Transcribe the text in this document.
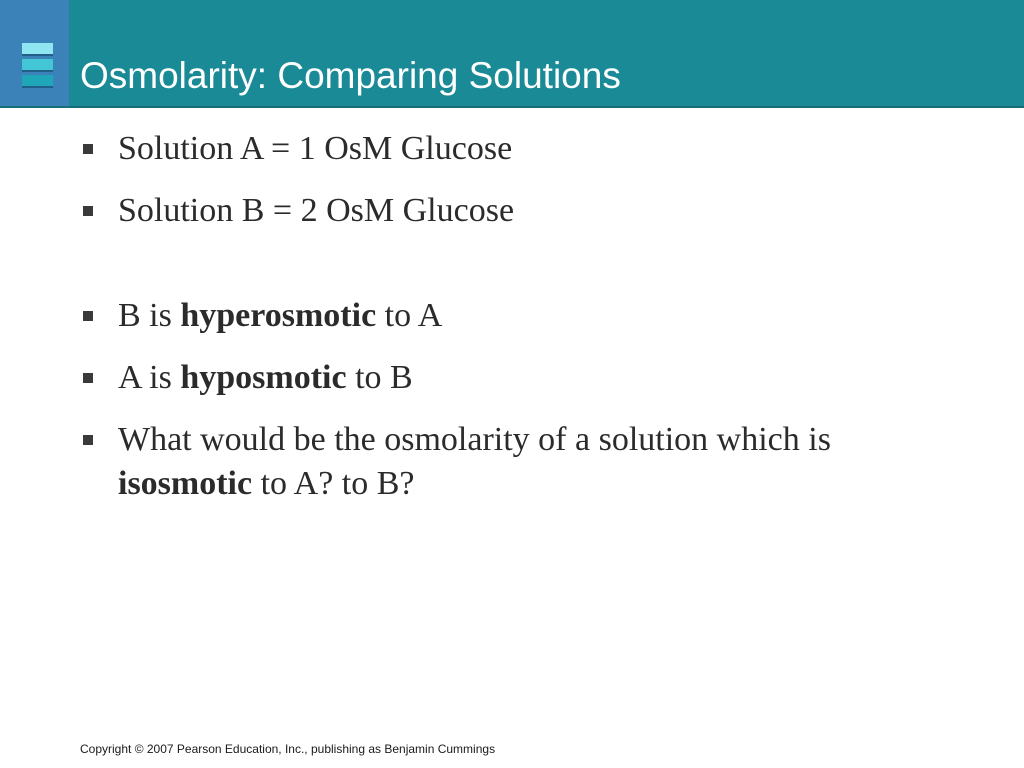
Osmolarity: Comparing Solutions
Solution A = 1 OsM Glucose
Solution B = 2 OsM Glucose
B is hyperosmotic to A
A is hyposmotic to B
What would be the osmolarity of a solution which is isosmotic to A? to B?

Copyright © 2007 Pearson Education, Inc., publishing as Benjamin Cummings
